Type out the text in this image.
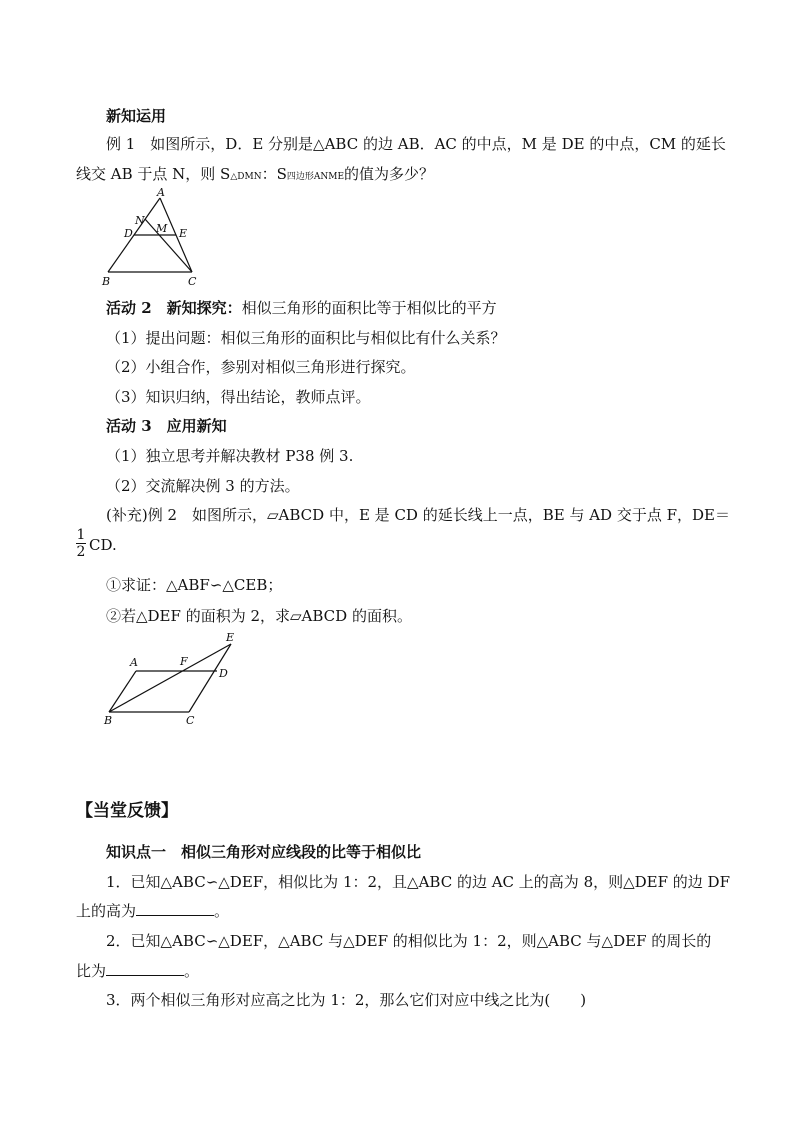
新知运用
例 1　如图所示，D．E 分别是△ABC 的边 AB．AC 的中点，M 是 DE 的中点，CM 的延长
线交 AB 于点 N，则 S△DMN：S四边形ANME的值为多少？
A
N
D M E
B	C
活动 2　新知探究：相似三角形的面积比等于相似比的平方
（1）提出问题：相似三角形的面积比与相似比有什么关系？
（2）小组合作，参别对相似三角形进行探究。
（3）知识归纳，得出结论，教师点评。
活动 3　应用新知
（1）独立思考并解决教材 P38 例 3.
（2）交流解决例 3 的方法。
(补充)例 2　如图所示，▱ABCD 中，E 是 CD 的延长线上一点，BE 与 AD 交于点 F，DE＝
1
2 CD.
①求证：△ABF∽△CEB；
②若△DEF 的面积为 2，求▱ABCD 的面积。
A	F
E
D
B	C
【当堂反馈】
知识点一　相似三角形对应线段的比等于相似比
1．已知△ABC∽△DEF，相似比为 1：2，且△ABC 的边 AC 上的高为 8，则△DEF 的边 DF
上的高为	。
2．已知△ABC∽△DEF，△ABC 与△DEF 的相似比为 1：2，则△ABC 与△DEF 的周长的
比为	。
3．两个相似三角形对应高之比为 1：2，那么它们对应中线之比为( )
